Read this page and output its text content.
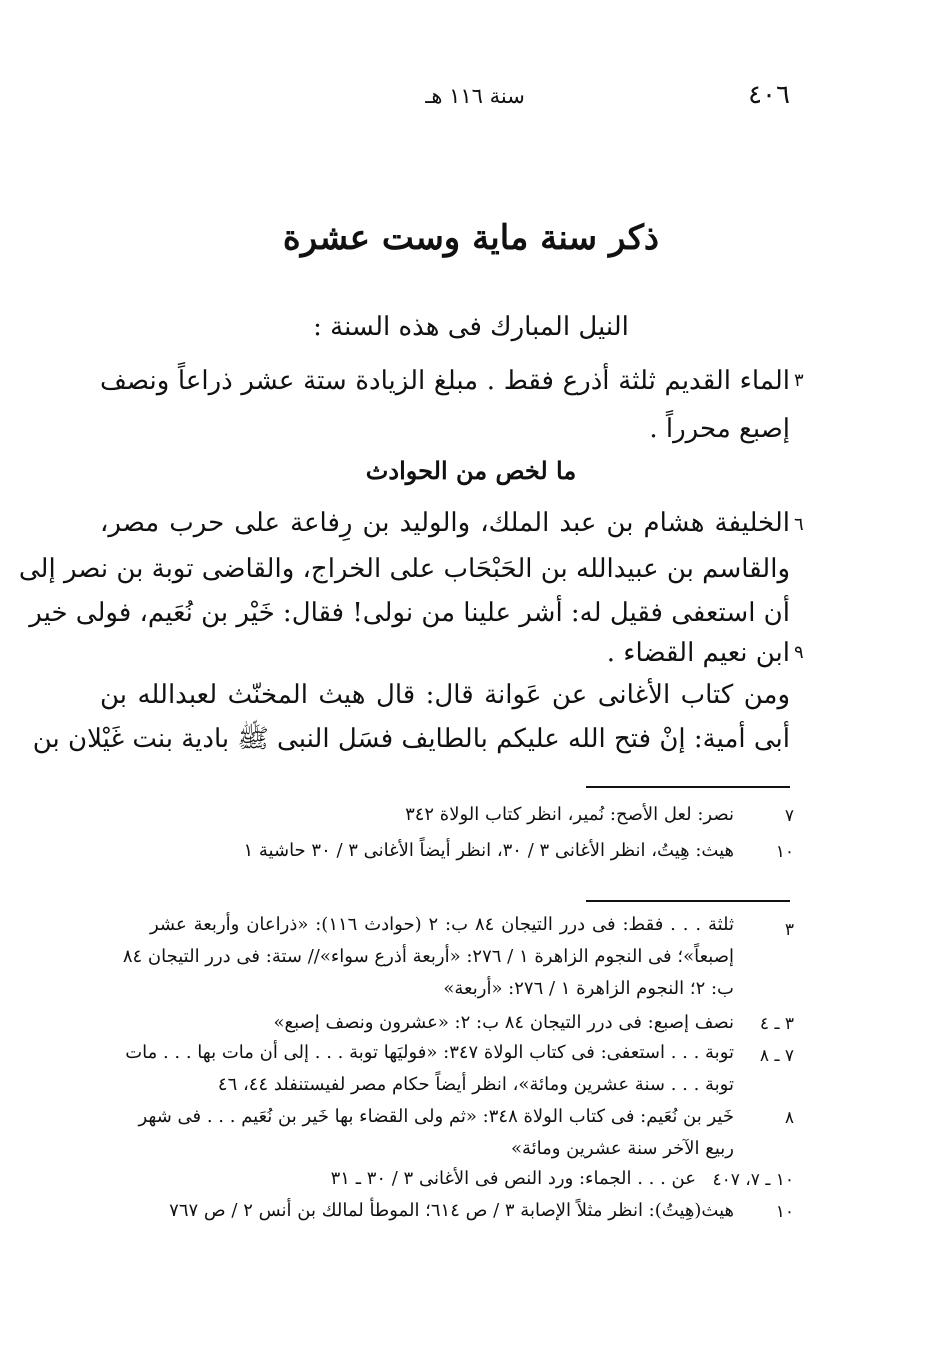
٤٠٦
سنة ١١٦ هـ
ذكر سنة ماية وست عشرة
النيل المبارك فى هذه السنة :
٣
الماء القديم ثلثة أذرع فقط . مبلغ الزيادة ستة عشر ذراعاً ونصف
إصبع محرراً .
ما لخص من الحوادث
٦
الخليفة هشام بن عبد الملك، والوليد بن رِفاعة على حرب مصر،
والقاسم بن عبيدالله بن الحَبْحَاب على الخراج، والقاضى توبة بن نصر إلى
أن استعفى فقيل له: أشر علينا من نولى! فقال: خَيْر بن نُعَيم، فولى خير
٩
ابن نعيم القضاء .
ومن كتاب الأغانى عن عَوانة قال: قال هيث المخنّث لعبدالله بن
أبى أمية: إنْ فتح الله عليكم بالطايف فسَل النبى ﷺ بادية بنت غَيْلان بن
٧
نصر: لعل الأصح: نُمير، انظر كتاب الولاة ٣٤٢
١٠
هيث: هِيتُ، انظر الأغانى ٣ / ٣٠، انظر أيضاً الأغانى ٣ / ٣٠ حاشية ١
٣
ثلثة . . . فقط: فى درر التيجان ٨٤ ب: ٢ (حوادث ١١٦): «ذراعان وأربعة عشر
إصبعاً»؛ فى النجوم الزاهرة ١ / ٢٧٦: «أربعة أذرع سواء»// ستة: فى درر التيجان ٨٤
ب: ٢؛ النجوم الزاهرة ١ / ٢٧٦: «أربعة»
٣ ـ ٤
نصف إصبع: فى درر التيجان ٨٤ ب: ٢: «عشرون ونصف إصبع»
٧ ـ ٨
توبة . . . استعفى: فى كتاب الولاة ٣٤٧: «فوليَها توبة . . . إلى أن مات بها . . . مات
توبة . . . سنة عشرين ومائة»، انظر أيضاً حكام مصر لفيستنفلد ٤٤، ٤٦
٨
خَير بن نُعَيم: فى كتاب الولاة ٣٤٨: «ثم ولى القضاء بها خَير بن نُعَيم . . . فى شهر
ربيع الآخر سنة عشرين ومائة»
١٠ ـ ٧، ٤٠٧
عن . . . الجماء: ورد النص فى الأغانى ٣ / ٣٠ ـ ٣١
١٠
هيث(هِيتُ): انظر مثلاً الإصابة ٣ / ص ٦١٤؛ الموطأ لمالك بن أنس ٢ / ص ٧٦٧
